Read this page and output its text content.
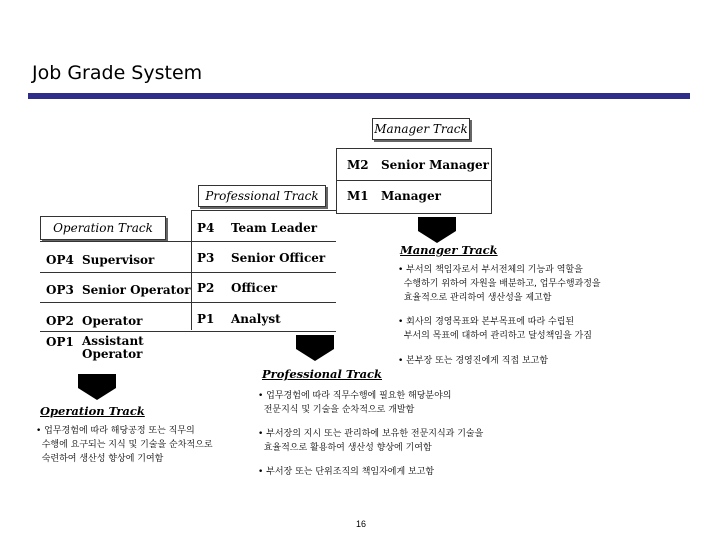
Job Grade System
Manager Track
M2 Senior Manager
M1 Manager
Professional Track
Operation Track	P4 Team Leader
P3 Senior Officer
P2 Officer
P1 Analyst
OP4 Supervisor
OP3 Senior Operator
OP2 Operator
OP1 Assistant
Operator
Manager Track
• 부서의 책임자로서 부서전체의 기능과 역할을
수행하기 위하여 자원을 배분하고, 업무수행과정을
효율적으로 관리하여 생산성을 제고함
• 회사의 경영목표와 본부목표에 따라 수립된
부서의 목표에 대하여 관리하고 달성책임을 가짐
• 본부장 또는 경영진에게 직접 보고함
Professional Track
• 업무경험에 따라 직무수행에 필요한 해당분야의
전문지식 및 기술을 순차적으로 개발함
• 부서장의 지시 또는 관리하에 보유한 전문지식과 기술을
효율적으로 활용하여 생산성 향상에 기여함
• 부서장 또는 단위조직의 책임자에게 보고함
Operation Track
• 업무경험에 따라 해당공정 또는 직무의
수행에 요구되는 지식 및 기술을 순차적으로
숙련하여 생산성 향상에 기여함
16
